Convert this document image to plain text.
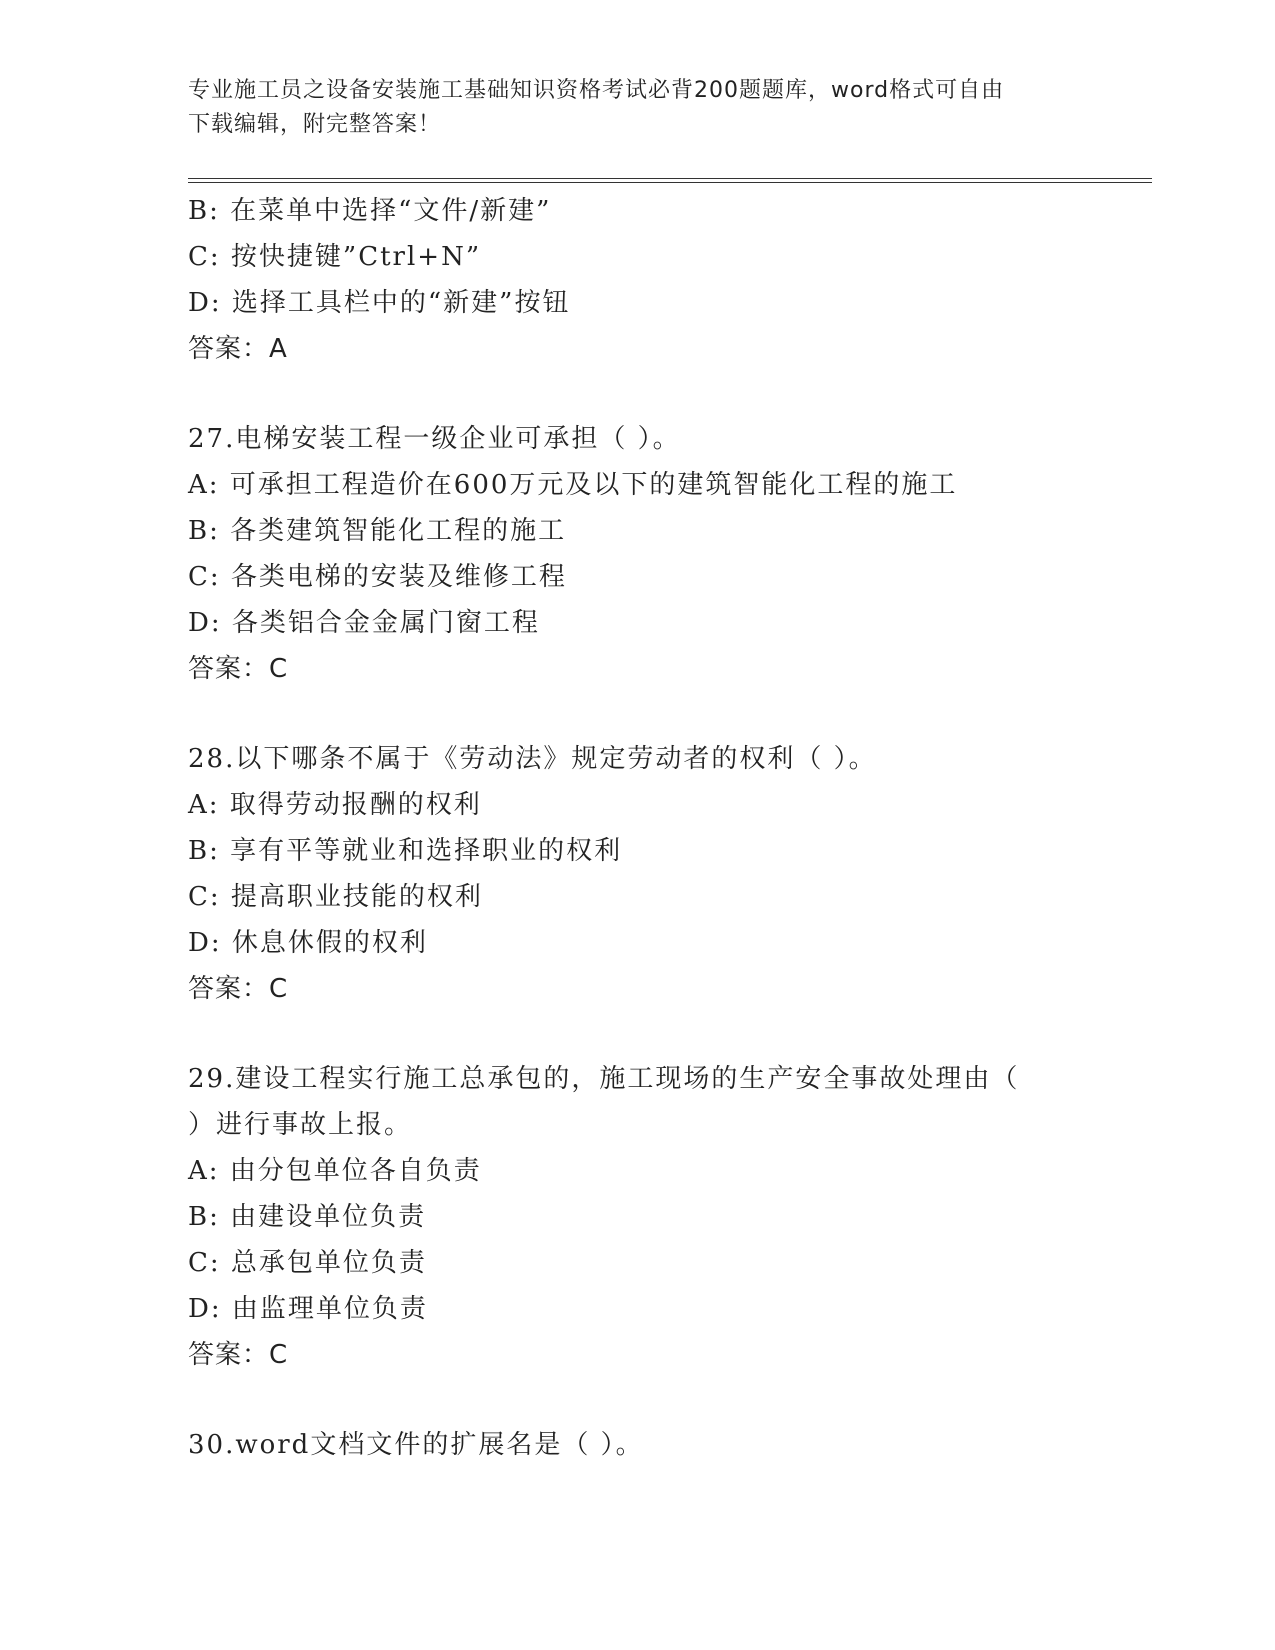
专业施工员之设备安装施工基础知识资格考试必背200题题库，word格式可自由
下载编辑，附完整答案！
B: 在菜单中选择“文件/新建”
C: 按快捷键”Ctrl+N”
D: 选择工具栏中的“新建”按钮
答案：A
27.电梯安装工程一级企业可承担（ ）。
A: 可承担工程造价在600万元及以下的建筑智能化工程的施工
B: 各类建筑智能化工程的施工
C: 各类电梯的安装及维修工程
D: 各类铝合金金属门窗工程
答案：C
28.以下哪条不属于《劳动法》规定劳动者的权利（ ）。
A: 取得劳动报酬的权利
B: 享有平等就业和选择职业的权利
C: 提高职业技能的权利
D: 休息休假的权利
答案：C
29.建设工程实行施工总承包的，施工现场的生产安全事故处理由（
）进行事故上报。
A: 由分包单位各自负责
B: 由建设单位负责
C: 总承包单位负责
D: 由监理单位负责
答案：C
30.word文档文件的扩展名是（ ）。
